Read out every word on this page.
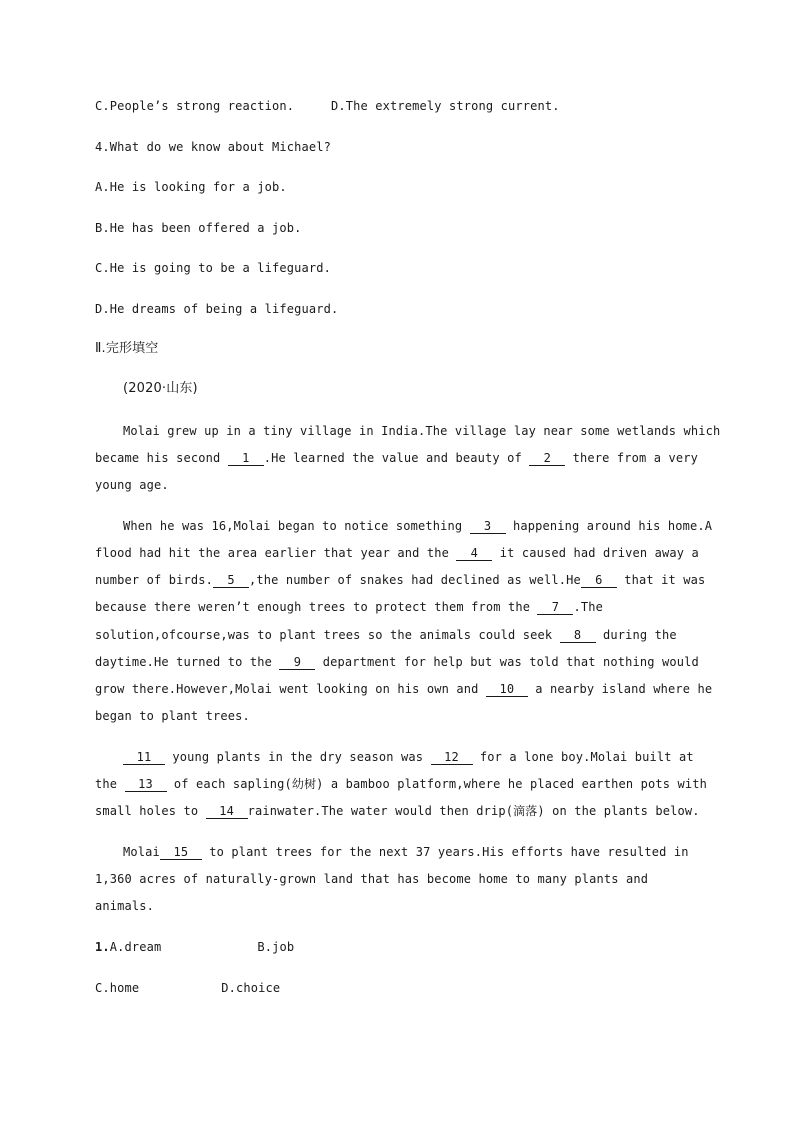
C.People’s strong reaction.	D.The extremely strong current.
4.What do we know about Michael?
A.He is looking for a job.
B.He has been offered a job.
C.He is going to be a lifeguard.
D.He dreams of being a lifeguard.
Ⅱ.完形填空
(2020·山东)
Molai grew up in a tiny village in India.The village lay near some wetlands which
became his second 1 .He learned the value and beauty of 2 there from a very
young age.
When he was 16,Molai began to notice something 3 happening around his home.A
flood had hit the area earlier that year and the 4 it caused had driven away a
number of birds. 5 ,the number of snakes had declined as well.He 6 that it was
because there weren’t enough trees to protect them from the 7 .The
solution,ofcourse,was to plant trees so the animals could seek 8 during the
daytime.He turned to the 9 department for help but was told that nothing would
grow there.However,Molai went looking on his own and 10 a nearby island where he
began to plant trees.
11 young plants in the dry season was 12 for a lone boy.Molai built at
the 13 of each sapling(幼树) a bamboo platform,where he placed earthen pots with
small holes to 14 rainwater.The water would then drip(滴落) on the plants below.
Molai 15 to plant trees for the next 37 years.His efforts have resulted in
1,360 acres of naturally-grown land that has become home to many plants and
animals.
1.A.dream	B.job
C.home	D.choice
